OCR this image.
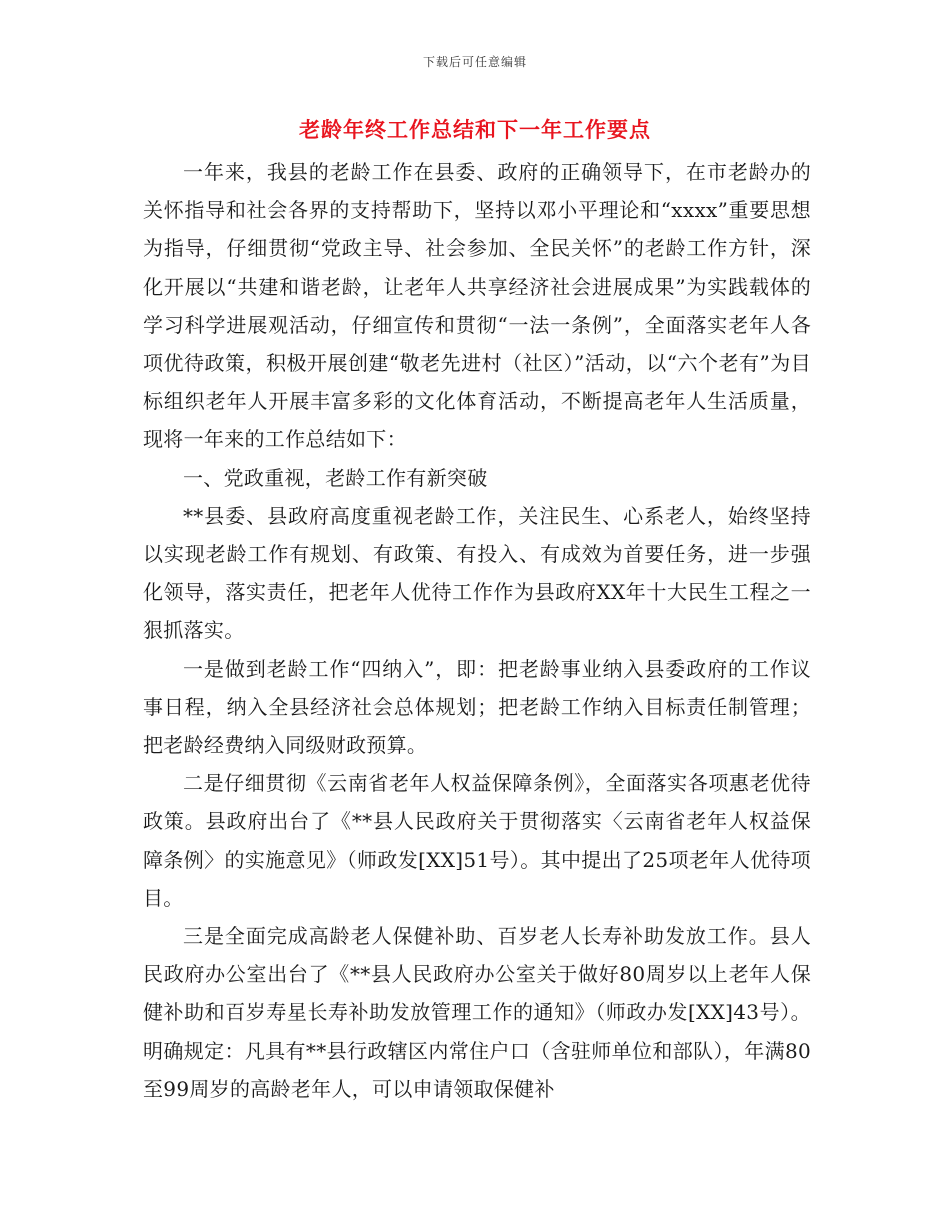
下载后可任意编辑
老龄年终工作总结和下一年工作要点

一年来，我县的老龄工作在县委、政府的正确领导下，在市老龄办的关怀指导和社会各界的支持帮助下，坚持以邓小平理论和“xxxx”重要思想为指导，仔细贯彻“党政主导、社会参加、全民关怀”的老龄工作方针，深化开展以“共建和谐老龄，让老年人共享经济社会进展成果”为实践载体的学习科学进展观活动，仔细宣传和贯彻“一法一条例”，全面落实老年人各项优待政策，积极开展创建“敬老先进村（社区）”活动，以“六个老有”为目标组织老年人开展丰富多彩的文化体育活动，不断提高老年人生活质量，现将一年来的工作总结如下：

一、党政重视，老龄工作有新突破

**县委、县政府高度重视老龄工作，关注民生、心系老人，始终坚持以实现老龄工作有规划、有政策、有投入、有成效为首要任务，进一步强化领导，落实责任，把老年人优待工作作为县政府XX年十大民生工程之一狠抓落实。

一是做到老龄工作“四纳入”，即：把老龄事业纳入县委政府的工作议事日程，纳入全县经济社会总体规划；把老龄工作纳入目标责任制管理；把老龄经费纳入同级财政预算。

二是仔细贯彻《云南省老年人权益保障条例》，全面落实各项惠老优待政策。县政府出台了《**县人民政府关于贯彻落实〈云南省老年人权益保障条例〉的实施意见》（师政发[XX]51号）。其中提出了25项老年人优待项目。

三是全面完成高龄老人保健补助、百岁老人长寿补助发放工作。县人民政府办公室出台了《**县人民政府办公室关于做好80周岁以上老年人保健补助和百岁寿星长寿补助发放管理工作的通知》（师政办发[XX]43号）。明确规定：凡具有**县行政辖区内常住户口（含驻师单位和部队），年满80至99周岁的高龄老年人，可以申请领取保健补
